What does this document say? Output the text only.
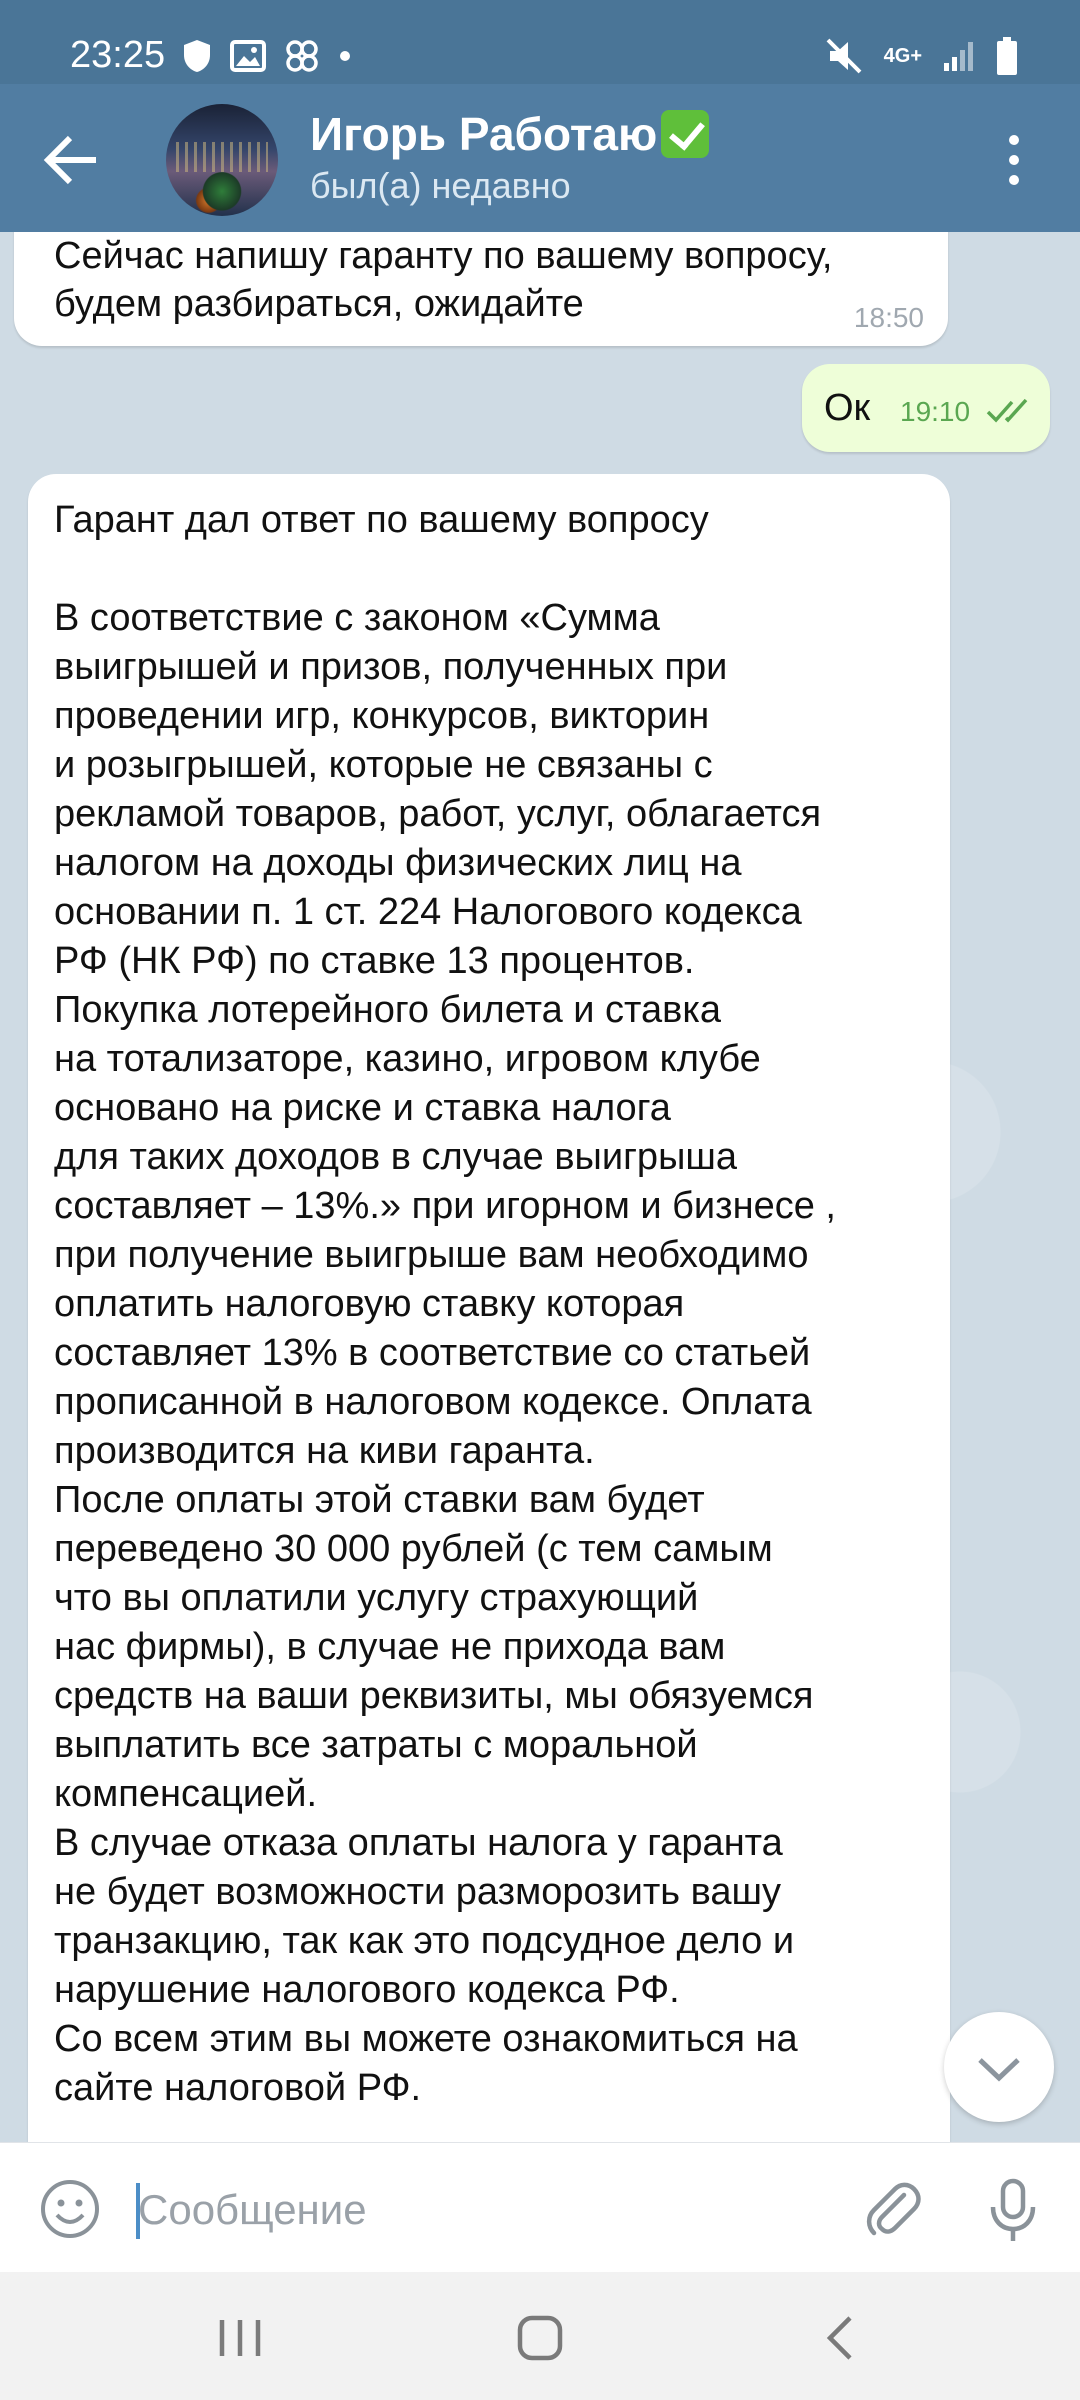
23:25	4G+
Игорь Работаю
был(а) недавно
Сейчас напишу гаранту по вашему вопросу,
будем разбираться, ожидайте	18:50
Ок 19:10
Гарант дал ответ по вашему вопросу

В соответствие с законом «Сумма
выигрышей и призов, полученных при
проведении игр, конкурсов, викторин
и розыгрышей, которые не связаны с
рекламой товаров, работ, услуг, облагается
налогом на доходы физических лиц на
основании п. 1 ст. 224 Налогового кодекса
РФ (НК РФ) по ставке 13 процентов.
Покупка лотерейного билета и ставка
на тотализаторе, казино, игровом клубе
основано на риске и ставка налога
для таких доходов в случае выигрыша
составляет – 13%.» при игорном и бизнесе ,
при получение выигрыше вам необходимо
оплатить налоговую ставку которая
составляет 13% в соответствие со статьей
прописанной в налоговом кодексе. Оплата
производится на киви гаранта.
После оплаты этой ставки вам будет
переведено 30 000 рублей (с тем самым
что вы оплатили услугу страхующий
нас фирмы), в случае не прихода вам
средств на ваши реквизиты, мы обязуемся
выплатить все затраты с моральной
компенсацией.
В случае отказа оплаты налога у гаранта
не будет возможности разморозить вашу
транзакцию, так как это подсудное дело и
нарушение налогового кодекса РФ.
Со всем этим вы можете ознакомиться на
сайте налоговой РФ.
Сообщение
